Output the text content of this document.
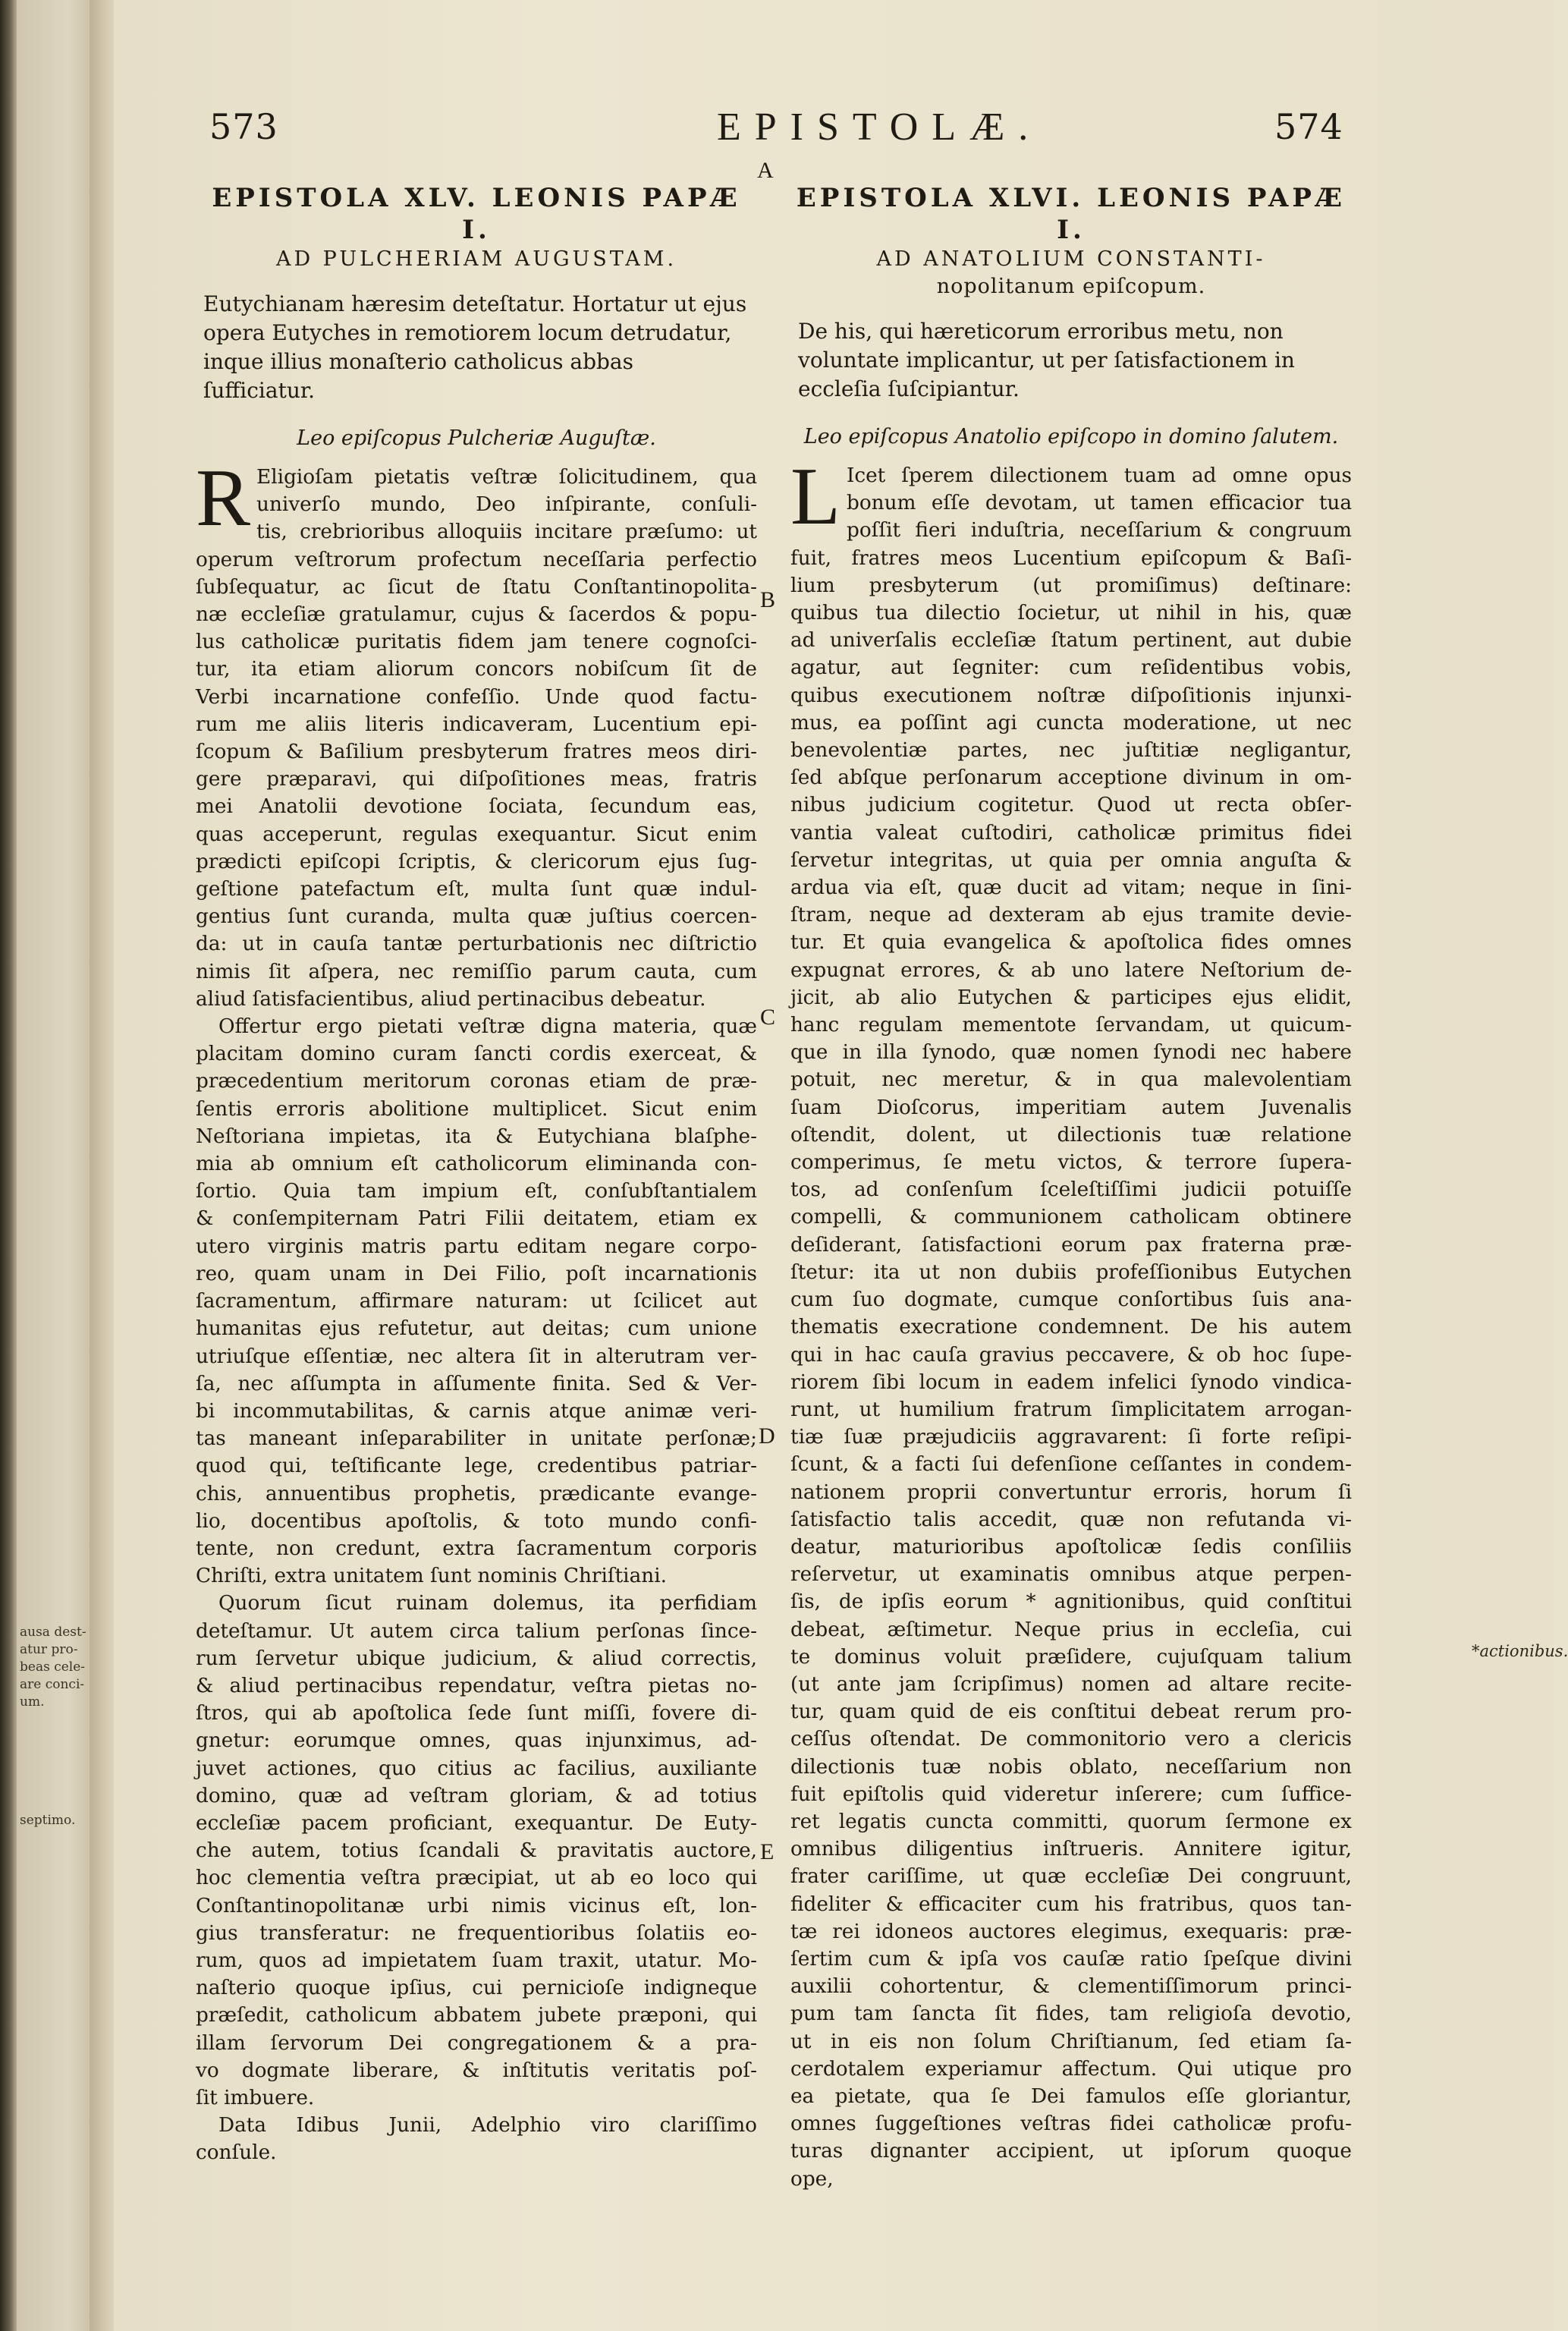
ausa dest-
atur pro-
beas cele-
are conci-
um.
septimo.
573	EPISTOLÆ.	574
A
B
C
D
E
EPISTOLA XLV. LEONIS PAPÆ I.
AD PULCHERIAM AUGUSTAM.

Eutychianam hæresim deteſtatur. Hortatur ut ejus opera Eutyches in remotiorem locum detrudatur, inque illius monaſterio catholicus abbas ſufficiatur.

Leo epiſcopus Pulcheriæ Auguſtæ.
R Eligioſam pietatis veſtræ ſolicitudinem, qua
univerſo mundo, Deo inſpirante, conſuli-
tis, crebrioribus alloquiis incitare præſumo: ut
operum veſtrorum profectum neceſſaria perfectio
ſubſequatur, ac ſicut de ſtatu Conſtantinopolita-
næ eccleſiæ gratulamur, cujus & ſacerdos & popu-
lus catholicæ puritatis fidem jam tenere cognoſci-
tur, ita etiam aliorum concors nobiſcum ſit de
Verbi incarnatione confeſſio. Unde quod factu-
rum me aliis literis indicaveram, Lucentium epi-
ſcopum & Baſilium presbyterum fratres meos diri-
gere præparavi, qui diſpoſitiones meas, fratris
mei Anatolii devotione ſociata, ſecundum eas,
quas acceperunt, regulas exequantur. Sicut enim
prædicti epiſcopi ſcriptis, & clericorum ejus ſug-
geſtione patefactum eſt, multa ſunt quæ indul-
gentius ſunt curanda, multa quæ juſtius coercen-
da: ut in cauſa tantæ perturbationis nec diſtrictio
nimis ſit aſpera, nec remiſſio parum cauta, cum
aliud ſatisfacientibus, aliud pertinacibus debeatur.
Offertur ergo pietati veſtræ digna materia, quæ
placitam domino curam ſancti cordis exerceat, &
præcedentium meritorum coronas etiam de præ-
ſentis erroris abolitione multiplicet. Sicut enim
Neſtoriana impietas, ita & Eutychiana blaſphe-
mia ab omnium eſt catholicorum eliminanda con-
ſortio. Quia tam impium eſt, conſubſtantialem
& conſempiternam Patri Filii deitatem, etiam ex
utero virginis matris partu editam negare corpo-
reo, quam unam in Dei Filio, poſt incarnationis
ſacramentum, affirmare naturam: ut ſcilicet aut
humanitas ejus refutetur, aut deitas; cum unione
utriuſque eſſentiæ, nec altera ſit in alterutram ver-
ſa, nec aſſumpta in aſſumente finita. Sed & Ver-
bi incommutabilitas, & carnis atque animæ veri-
tas maneant inſeparabiliter in unitate perſonæ;
quod qui, teſtificante lege, credentibus patriar-
chis, annuentibus prophetis, prædicante evange-
lio, docentibus apoſtolis, & toto mundo confi-
tente, non credunt, extra ſacramentum corporis
Chriſti, extra unitatem ſunt nominis Chriſtiani.
Quorum ſicut ruinam dolemus, ita perfidiam
deteſtamur. Ut autem circa talium perſonas ſince-
rum ſervetur ubique judicium, & aliud correctis,
& aliud pertinacibus rependatur, veſtra pietas no-
ſtros, qui ab apoſtolica ſede ſunt miſſi, fovere di-
gnetur: eorumque omnes, quas injunximus, ad-
juvet actiones, quo citius ac facilius, auxiliante
domino, quæ ad veſtram gloriam, & ad totius
eccleſiæ pacem proficiant, exequantur. De Euty-
che autem, totius ſcandali & pravitatis auctore,
hoc clementia veſtra præcipiat, ut ab eo loco qui
Conſtantinopolitanæ urbi nimis vicinus eſt, lon-
gius transferatur: ne frequentioribus ſolatiis eo-
rum, quos ad impietatem ſuam traxit, utatur. Mo-
naſterio quoque ipſius, cui pernicioſe indigneque
præſedit, catholicum abbatem jubete præponi, qui
illam ſervorum Dei congregationem & a pra-
vo dogmate liberare, & inſtitutis veritatis poſ-
ſit imbuere.
Data Idibus Junii, Adelphio viro clariſſimo
conſule.
EPISTOLA XLVI. LEONIS PAPÆ I.
AD ANATOLIUM CONSTANTI-
nopolitanum epiſcopum.

De his, qui hæreticorum erroribus metu, non voluntate implicantur, ut per ſatisfactionem in eccleſia ſuſcipiantur.

Leo epiſcopus Anatolio epiſcopo in domino ſalutem.
L Icet ſperem dilectionem tuam ad omne opus
bonum eſſe devotam, ut tamen efficacior tua
poſſit fieri induſtria, neceſſarium & congruum
fuit, fratres meos Lucentium epiſcopum & Baſi-
lium presbyterum (ut promiſimus) deſtinare:
quibus tua dilectio ſocietur, ut nihil in his, quæ
ad univerſalis eccleſiæ ſtatum pertinent, aut dubie
agatur, aut ſegniter: cum reſidentibus vobis,
quibus executionem noſtræ diſpoſitionis injunxi-
mus, ea poſſint agi cuncta moderatione, ut nec
benevolentiæ partes, nec juſtitiæ negligantur,
ſed abſque perſonarum acceptione divinum in om-
nibus judicium cogitetur. Quod ut recta obſer-
vantia valeat cuſtodiri, catholicæ primitus fidei
ſervetur integritas, ut quia per omnia anguſta &
ardua via eſt, quæ ducit ad vitam; neque in ſini-
ſtram, neque ad dexteram ab ejus tramite devie-
tur. Et quia evangelica & apoſtolica fides omnes
expugnat errores, & ab uno latere Neſtorium de-
jicit, ab alio Eutychen & participes ejus elidit,
hanc regulam mementote ſervandam, ut quicum-
que in illa ſynodo, quæ nomen ſynodi nec habere
potuit, nec meretur, & in qua malevolentiam
ſuam Dioſcorus, imperitiam autem Juvenalis
oſtendit, dolent, ut dilectionis tuæ relatione
comperimus, ſe metu victos, & terrore ſupera-
tos, ad conſenſum ſceleſtiſſimi judicii potuiſſe
compelli, & communionem catholicam obtinere
deſiderant, ſatisfactioni eorum pax fraterna præ-
ſtetur: ita ut non dubiis profeſſionibus Eutychen
cum ſuo dogmate, cumque conſortibus ſuis ana-
thematis execratione condemnent. De his autem
qui in hac cauſa gravius peccavere, & ob hoc ſupe-
riorem ſibi locum in eadem infelici ſynodo vindica-
runt, ut humilium fratrum ſimplicitatem arrogan-
tiæ ſuæ præjudiciis aggravarent: ſi forte reſipi-
ſcunt, & a facti ſui defenſione ceſſantes in condem-
nationem proprii convertuntur erroris, horum ſi
ſatisfactio talis accedit, quæ non refutanda vi-
deatur, maturioribus apoſtolicæ ſedis conſiliis
reſervetur, ut examinatis omnibus atque perpen-
ſis, de ipſis eorum * agnitionibus, quid conſtitui
debeat, æſtimetur. Neque prius in eccleſia, cui
te dominus voluit præſidere, cujuſquam talium
(ut ante jam ſcripſimus) nomen ad altare recite-
tur, quam quid de eis conſtitui debeat rerum pro-
ceſſus oſtendat. De commonitorio vero a clericis
dilectionis tuæ nobis oblato, neceſſarium non
fuit epiſtolis quid videretur inſerere; cum ſuffice-
ret legatis cuncta committi, quorum ſermone ex
omnibus diligentius inſtrueris. Annitere igitur,
frater cariſſime, ut quæ eccleſiæ Dei congruunt,
fideliter & efficaciter cum his fratribus, quos tan-
tæ rei idoneos auctores elegimus, exequaris: præ-
ſertim cum & ipſa vos cauſæ ratio ſpeſque divini
auxilii cohortentur, & clementiſſimorum princi-
pum tam ſancta ſit fides, tam religioſa devotio,
ut in eis non ſolum Chriſtianum, ſed etiam ſa-
cerdotalem experiamur affectum. Qui utique pro
ea pietate, qua ſe Dei famulos eſſe gloriantur,
omnes ſuggeſtiones veſtras fidei catholicæ profu-
turas dignanter accipient, ut ipſorum quoque
ope,
*actionibus.
